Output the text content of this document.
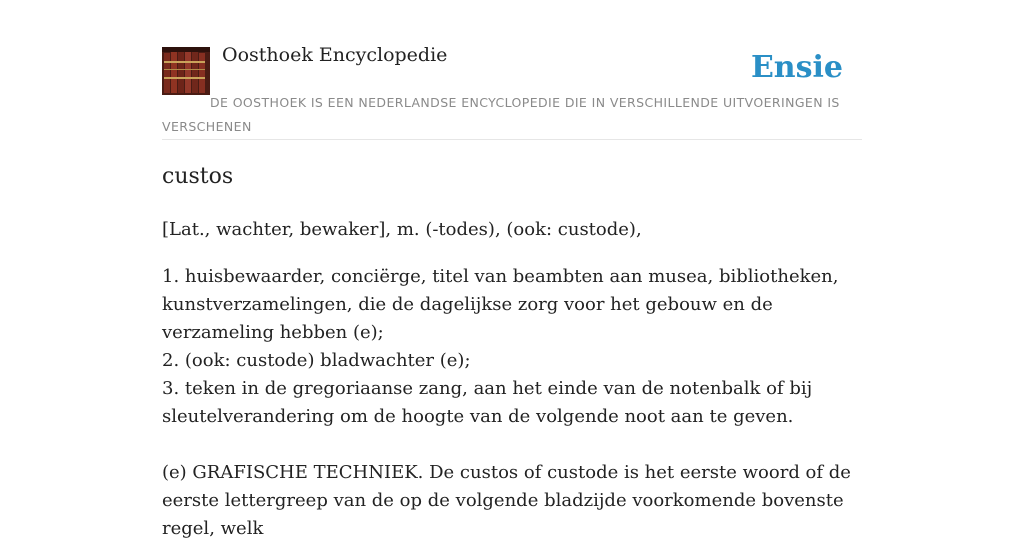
Oosthoek Encyclopedie	Ensie
DE OOSTHOEK IS EEN NEDERLANDSE ENCYCLOPEDIE DIE IN VERSCHILLENDE UITVOERINGEN IS VERSCHENEN
custos

[Lat., wachter, bewaker], m. (-todes), (ook: custode),

1. huisbewaarder, conciërge, titel van beambten aan musea, bibliotheken, kunstverzamelingen, die de dagelijkse zorg voor het gebouw en de verzameling hebben (e);
2. (ook: custode) bladwachter (e);
3. teken in de gregoriaanse zang, aan het einde van de notenbalk of bij sleutelverandering om de hoogte van de volgende noot aan te geven.

(e) GRAFISCHE TECHNIEK. De custos of custode is het eerste woord of de eerste lettergreep van de op de volgende bladzijde voorkomende bovenste regel, welk
